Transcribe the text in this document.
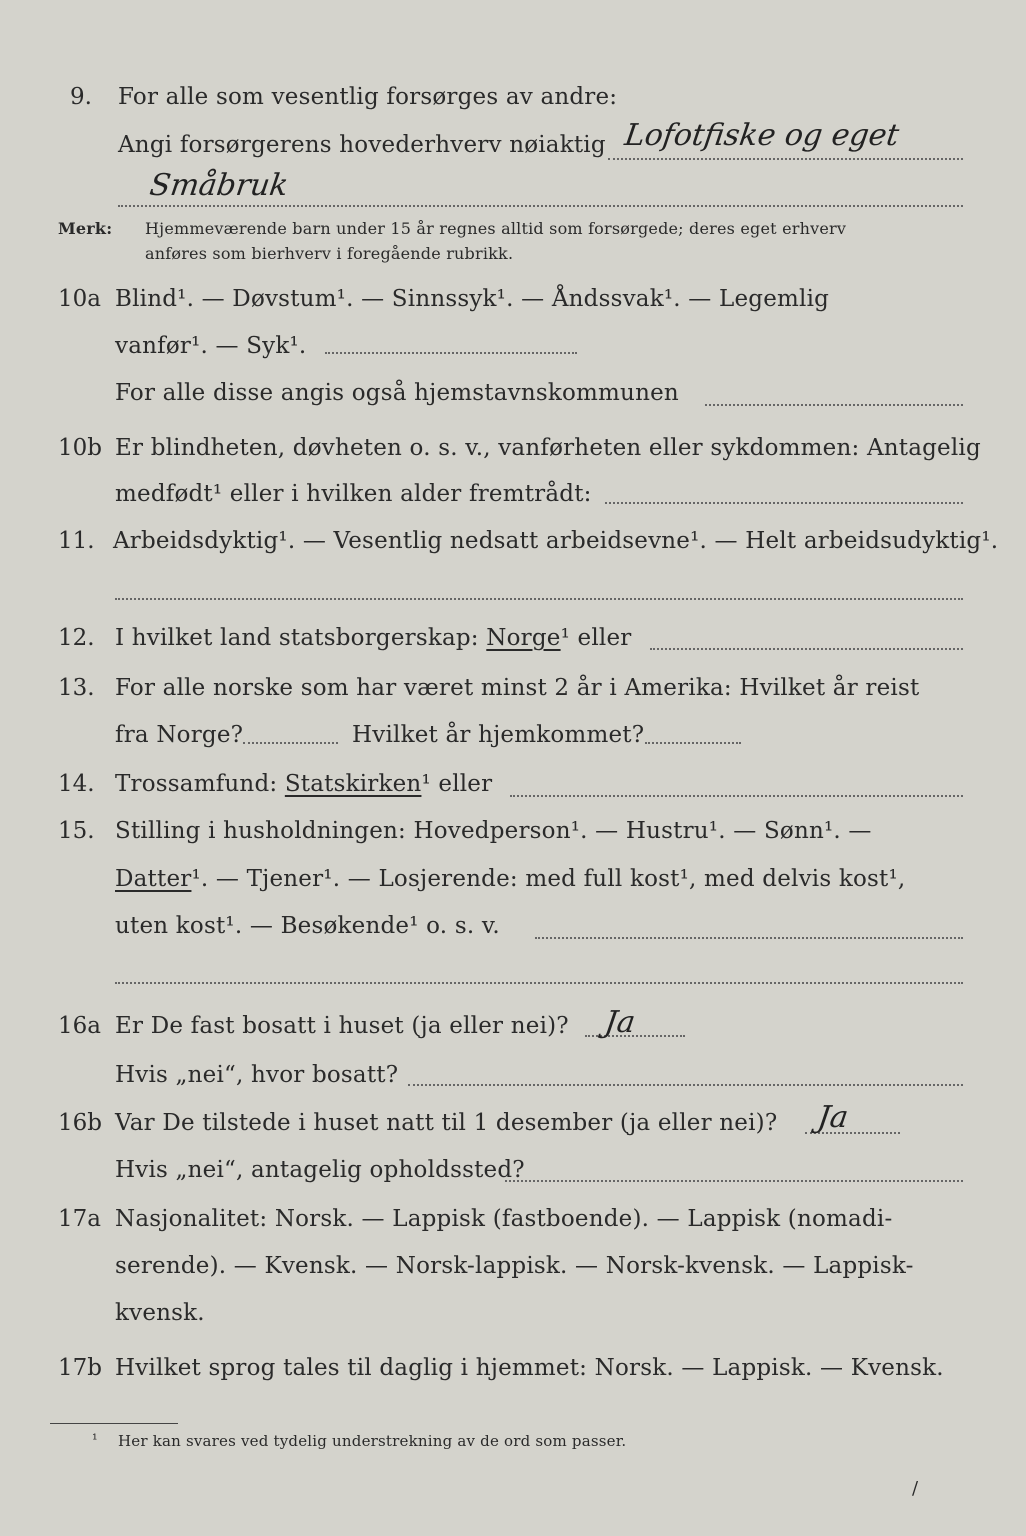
9. For alle som vesentlig forsørges av andre:
Angi forsørgerens hovederhverv nøiaktig Lofotfiske og eget
Småbruk
Merk: Hjemmeværende barn under 15 år regnes alltid som forsørgede; deres eget erhverv
anføres som bierhverv i foregående rubrikk.
10a Blind¹. — Døvstum¹. — Sinnssyk¹. — Åndssvak¹. — Legemlig
vanfør¹. — Syk¹.
For alle disse angis også hjemstavnskommunen
10b Er blindheten, døvheten o. s. v., vanførheten eller sykdommen: Antagelig
medfødt¹ eller i hvilken alder fremtrådt:
11. Arbeidsdyktig¹. — Vesentlig nedsatt arbeidsevne¹. — Helt arbeidsudyktig¹.
12. I hvilket land statsborgerskap: Norge¹ eller
13. For alle norske som har været minst 2 år i Amerika: Hvilket år reist
fra Norge?	Hvilket år hjemkommet?
14. Trossamfund: Statskirken¹ eller
15. Stilling i husholdningen: Hovedperson¹. — Hustru¹. — Sønn¹. —
Datter¹. — Tjener¹. — Losjerende: med full kost¹, med delvis kost¹,
uten kost¹. — Besøkende¹ o. s. v.
16a Er De fast bosatt i huset (ja eller nei)? Ja
Hvis „nei“, hvor bosatt?
16b Var De tilstede i huset natt til 1 desember (ja eller nei)? Ja
Hvis „nei“, antagelig opholdssted?
17a Nasjonalitet: Norsk. — Lappisk (fastboende). — Lappisk (nomadi-
serende). — Kvensk. — Norsk-lappisk. — Norsk-kvensk. — Lappisk-
kvensk.
17b Hvilket sprog tales til daglig i hjemmet: Norsk. — Lappisk. — Kvensk.
¹ Her kan svares ved tydelig understrekning av de ord som passer.
/
